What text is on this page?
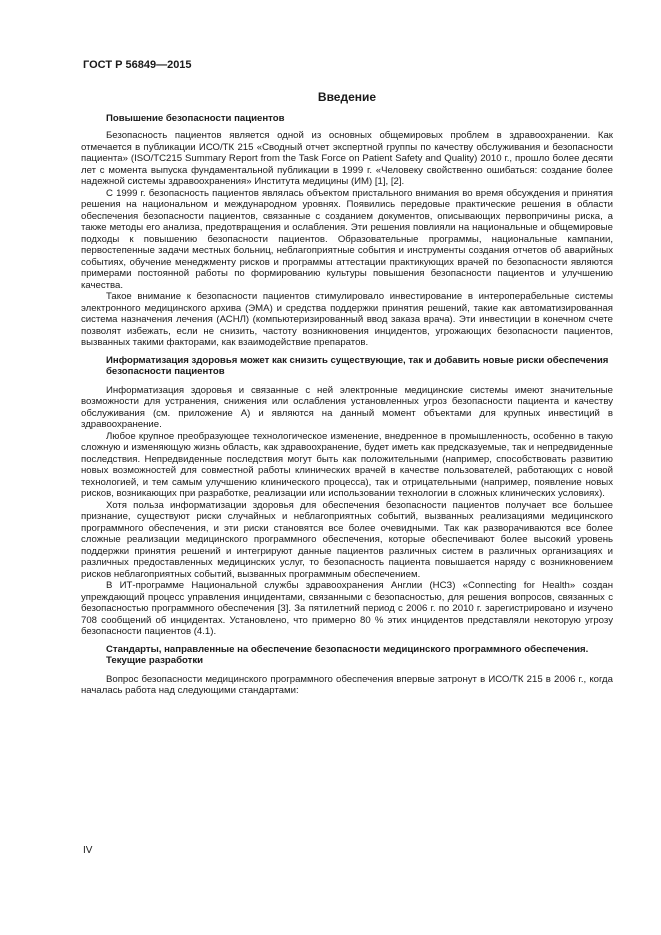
ГОСТ Р 56849—2015
Введение
Повышение безопасности пациентов

Безопасность пациентов является одной из основных общемировых проблем в здравоохранении. Как отмечается в публикации ИСО/ТК 215 «Сводный отчет экспертной группы по качеству обслуживания и безопасности пациента» (ISO/TC215 Summary Report from the Task Force on Patient Safety and Quality) 2010 г., прошло более десяти лет с момента выпуска фундаментальной публикации в 1999 г. «Человеку свойственно ошибаться: создание более надежной системы здравоохранения» Института медицины (ИМ) [1], [2].

С 1999 г. безопасность пациентов являлась объектом пристального внимания во время обсуждения и принятия решения на национальном и международном уровнях. Появились передовые практические решения в области обеспечения безопасности пациентов, связанные с созданием документов, описывающих первопричины риска, а также методы его анализа, предотвращения и ослабления. Эти решения повлияли на национальные и общемировые подходы к повышению безопасности пациентов. Образовательные программы, национальные кампании, первостепенные задачи местных больниц, неблагоприятные события и инструменты создания отчетов об аварийных событиях, обучение менеджменту рисков и программы аттестации практикующих врачей по безопасности являются примерами постоянной работы по формированию культуры повышения безопасности пациентов и улучшению качества.

Такое внимание к безопасности пациентов стимулировало инвестирование в интероперабельные системы электронного медицинского архива (ЭМА) и средства поддержки принятия решений, такие как автоматизированная система назначения лечения (АСНЛ) (компьютеризированный ввод заказа врача). Эти инвестиции в конечном счете позволят избежать, если не снизить, частоту возникновения инцидентов, угрожающих безопасности пациентов, вызванных такими факторами, как взаимодействие препаратов.

Информатизация здоровья может как снизить существующие, так и добавить новые риски обеспечения безопасности пациентов

Информатизация здоровья и связанные с ней электронные медицинские системы имеют значительные возможности для устранения, снижения или ослабления установленных угроз безопасности пациента и качеству обслуживания (см. приложение А) и являются на данный момент объектами для крупных инвестиций в здравоохранение.

Любое крупное преобразующее технологическое изменение, внедренное в промышленность, особенно в такую сложную и изменяющую жизнь область, как здравоохранение, будет иметь как предсказуемые, так и непредвиденные последствия. Непредвиденные последствия могут быть как положительными (например, способствовать развитию новых возможностей для совместной работы клинических врачей в качестве пользователей, работающих с новой технологией, и тем самым улучшению клинического процесса), так и отрицательными (например, появление новых рисков, возникающих при разработке, реализации или использовании технологии в сложных клинических условиях).

Хотя польза информатизации здоровья для обеспечения безопасности пациентов получает все большее признание, существуют риски случайных и неблагоприятных событий, вызванных реализациями медицинского программного обеспечения, и эти риски становятся все более очевидными. Так как разворачиваются все более сложные реализации медицинского программного обеспечения, которые обеспечивают более высокий уровень поддержки принятия решений и интегрируют данные пациентов различных систем в различных организациях и различных предоставленных медицинских услуг, то безопасность пациента повышается наряду с возникновением рисков неблагоприятных событий, вызванных программным обеспечением.

В ИТ-программе Национальной службы здравоохранения Англии (НСЗ) «Connecting for Health» создан упреждающий процесс управления инцидентами, связанными с безопасностью, для решения вопросов, связанных с безопасностью программного обеспечения [3]. За пятилетний период с 2006 г. по 2010 г. зарегистрировано и изучено 708 сообщений об инцидентах. Установлено, что примерно 80 % этих инцидентов представляли некоторую угрозу безопасности пациентов (4.1).

Стандарты, направленные на обеспечение безопасности медицинского программного обеспечения. Текущие разработки

Вопрос безопасности медицинского программного обеспечения впервые затронут в ИСО/ТК 215 в 2006 г., когда началась работа над следующими стандартами:

IV
